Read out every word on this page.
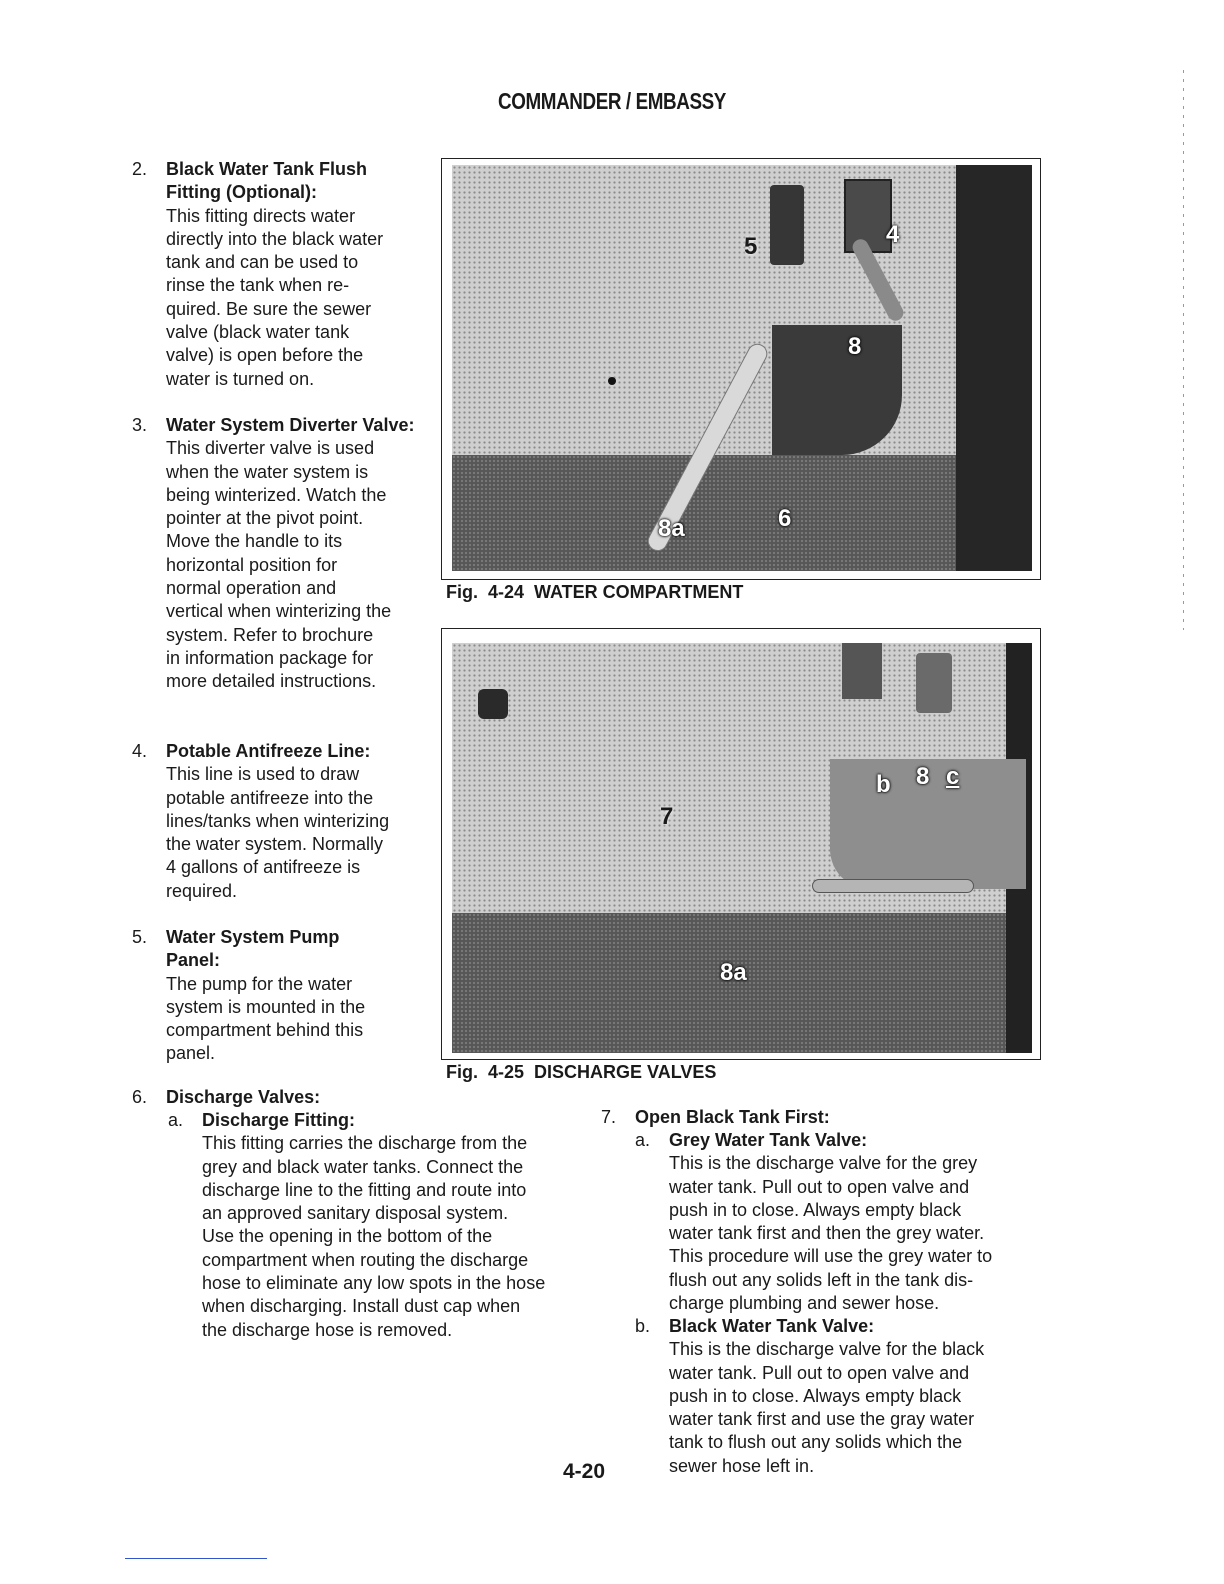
COMMANDER / EMBASSY
2. Black Water Tank Flush Fitting (Optional):
This fitting directs water
directly into the black water
tank and can be used to
rinse the tank when re-
quired. Be sure the sewer
valve (black water tank
valve) is open before the
water is turned on.
3. Water System Diverter Valve:
This diverter valve is used
when the water system is
being winterized. Watch the
pointer at the pivot point.
Move the handle to its
horizontal position for
normal operation and
vertical when winterizing the
system. Refer to brochure
in information package for
more detailed instructions.
4. Potable Antifreeze Line:
This line is used to draw
potable antifreeze into the
lines/tanks when winterizing
the water system. Normally
4 gallons of antifreeze is
required.
5. Water System Pump Panel:
The pump for the water
system is mounted in the
compartment behind this
panel.
5	4
8
8a	6
Fig.  4-24  WATER COMPARTMENT
b 8 c
7
8a
Fig.  4-25  DISCHARGE VALVES
6. Discharge Valves:
a. Discharge Fitting:
This fitting carries the discharge from the
grey and black water tanks. Connect the
discharge line to the fitting and route into
an approved sanitary disposal system.
Use the opening in the bottom of the
compartment when routing the discharge
hose to eliminate any low spots in the hose
when discharging. Install dust cap when
the discharge hose is removed.
7. Open Black Tank First:
a. Grey Water Tank Valve:
This is the discharge valve for the grey
water tank. Pull out to open valve and
push in to close. Always empty black
water tank first and then the grey water.
This procedure will use the grey water to
flush out any solids left in the tank dis-
charge plumbing and sewer hose.
b. Black Water Tank Valve:
This is the discharge valve for the black
water tank. Pull out to open valve and
push in to close. Always empty black
water tank first and use the gray water
tank to flush out any solids which the
sewer hose left in.
4-20
